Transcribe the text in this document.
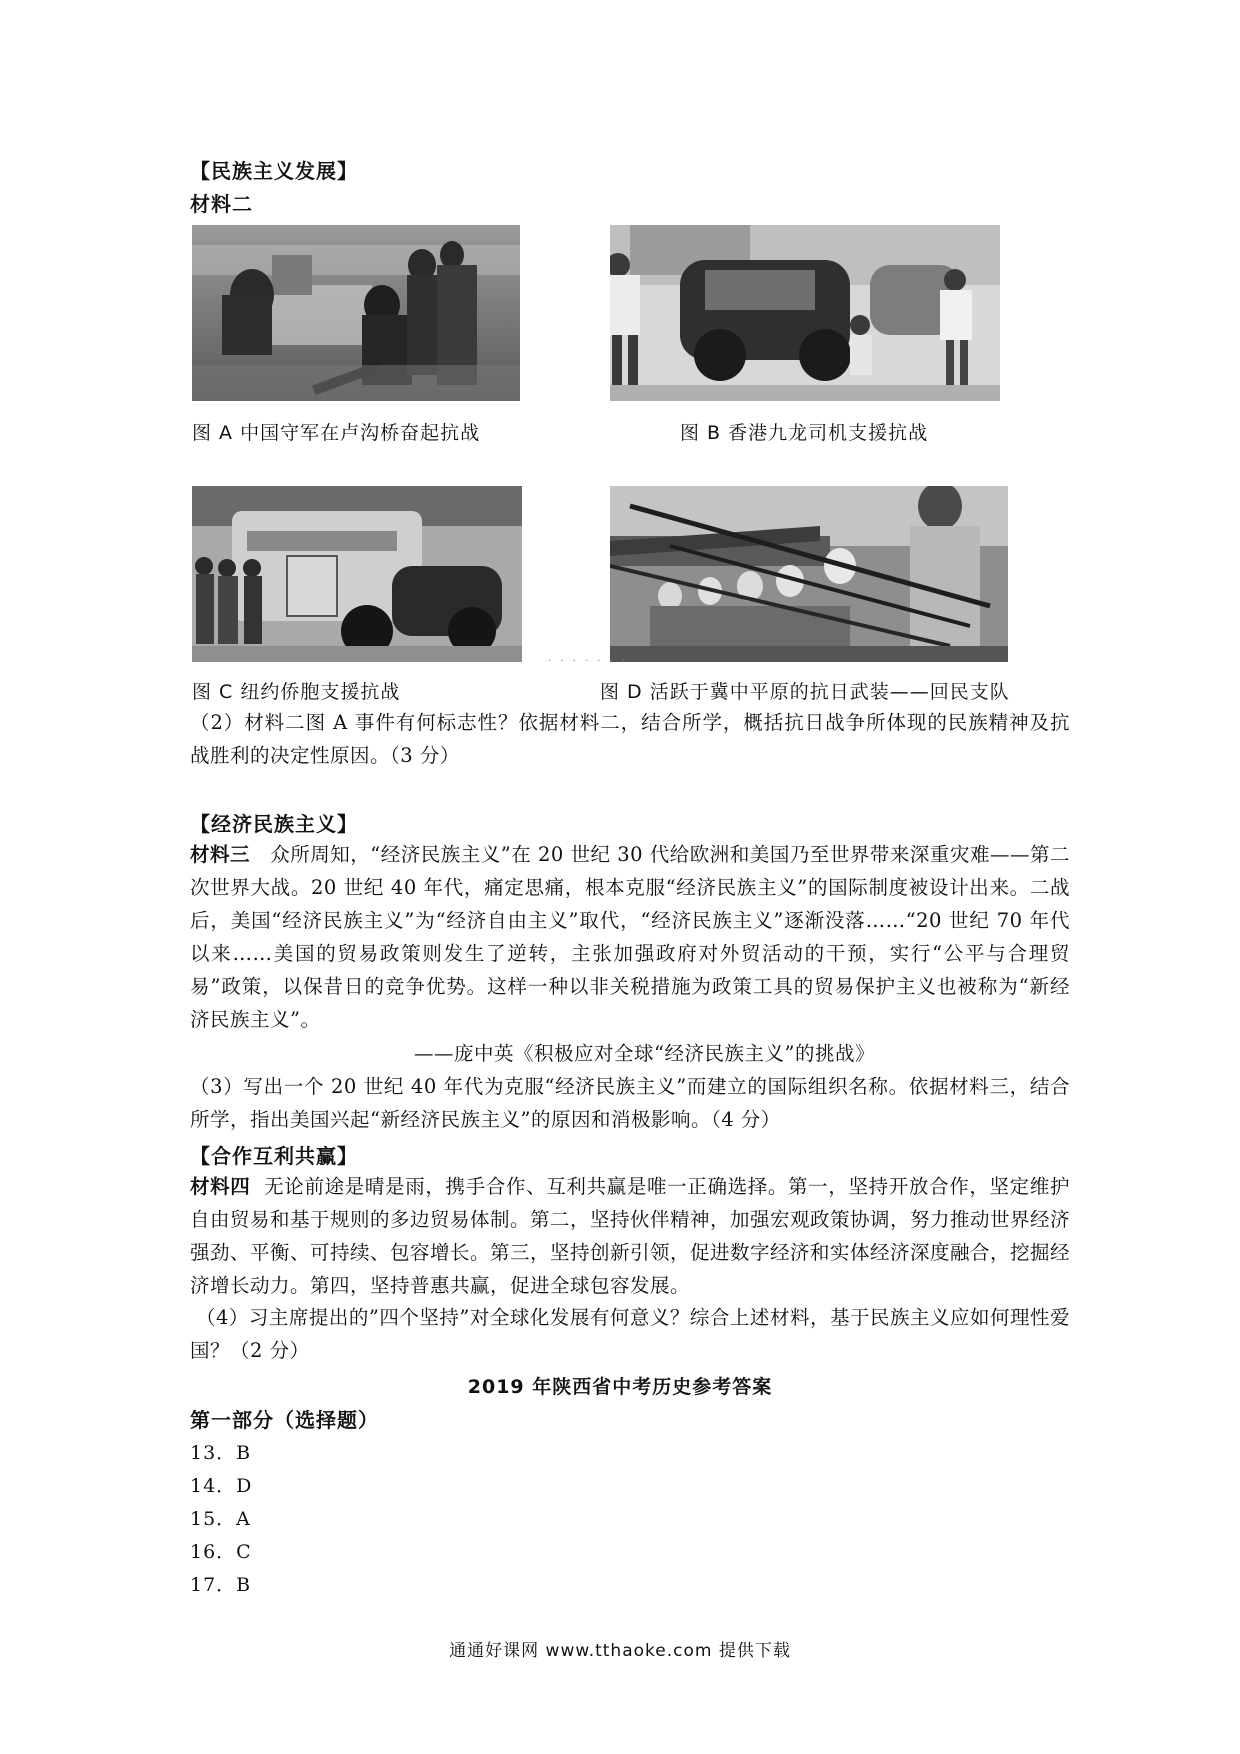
【民族主义发展】
材料二
图 A 中国守军在卢沟桥奋起抗战	图 B 香港九龙司机支援抗战
· · · · · · ·
图 C 纽约侨胞支援抗战	图 D 活跃于冀中平原的抗日武装——回民支队
（2）材料二图 A 事件有何标志性？依据材料二，结合所学，概括抗日战争所体现的民族精神及抗战胜利的决定性原因。（3 分）
【经济民族主义】
材料三 众所周知，“经济民族主义”在 20 世纪 30 代给欧洲和美国乃至世界带来深重灾难——第二次世界大战。20 世纪 40 年代，痛定思痛，根本克服“经济民族主义”的国际制度被设计出来。二战后，美国“经济民族主义”为“经济自由主义”取代，“经济民族主义”逐渐没落……“20 世纪 70 年代以来……美国的贸易政策则发生了逆转，主张加强政府对外贸活动的干预，实行“公平与合理贸易”政策，以保昔日的竞争优势。这样一种以非关税措施为政策工具的贸易保护主义也被称为“新经济民族主义”。
——庞中英《积极应对全球“经济民族主义”的挑战》
（3）写出一个 20 世纪 40 年代为克服“经济民族主义”而建立的国际组织名称。依据材料三，结合所学，指出美国兴起“新经济民族主义”的原因和消极影响。（4 分）
【合作互利共赢】
材料四 无论前途是晴是雨，携手合作、互利共赢是唯一正确选择。第一，坚持开放合作，坚定维护自由贸易和基于规则的多边贸易体制。第二，坚持伙伴精神，加强宏观政策协调，努力推动世界经济强劲、平衡、可持续、包容增长。第三，坚持创新引领，促进数字经济和实体经济深度融合，挖掘经济增长动力。第四，坚持普惠共赢，促进全球包容发展。
（4）习主席提出的”四个坚持”对全球化发展有何意义？综合上述材料，基于民族主义应如何理性爱国？（2 分）
2019 年陕西省中考历史参考答案
第一部分（选择题）
13．B
14．D
15．A
16．C
17．B
通通好课网 www.tthaoke.com 提供下载
